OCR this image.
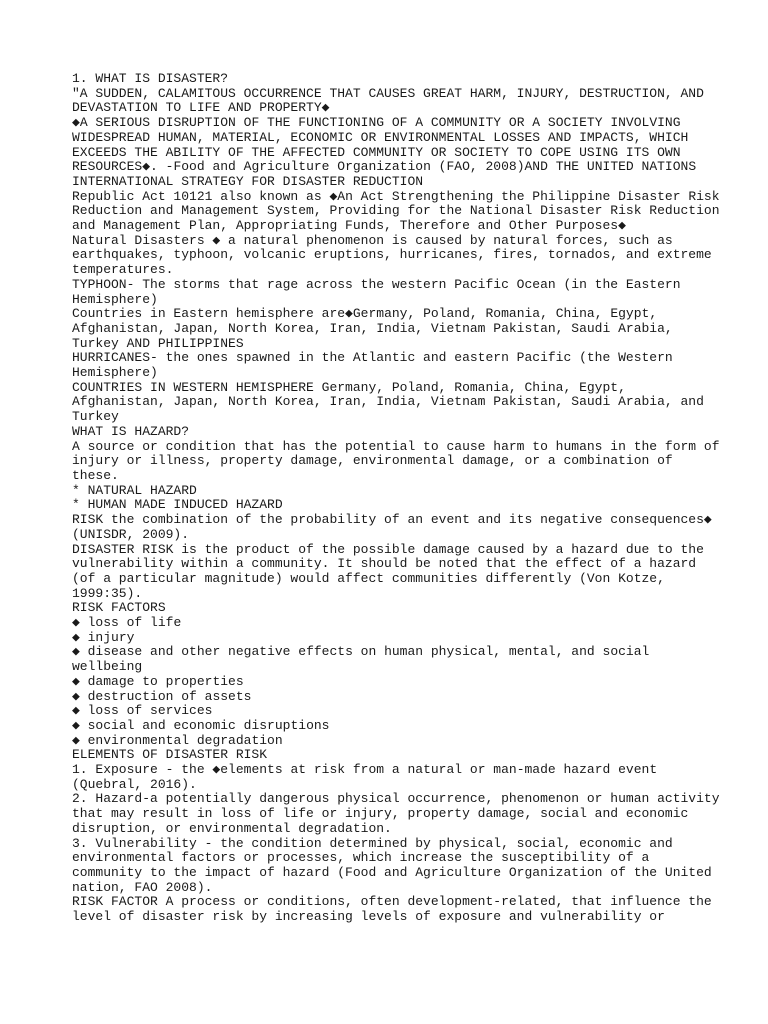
1. WHAT IS DISASTER?
"A SUDDEN, CALAMITOUS OCCURRENCE THAT CAUSES GREAT HARM, INJURY, DESTRUCTION, AND
DEVASTATION TO LIFE AND PROPERTY◆
◆A SERIOUS DISRUPTION OF THE FUNCTIONING OF A COMMUNITY OR A SOCIETY INVOLVING
WIDESPREAD HUMAN, MATERIAL, ECONOMIC OR ENVIRONMENTAL LOSSES AND IMPACTS, WHICH
EXCEEDS THE ABILITY OF THE AFFECTED COMMUNITY OR SOCIETY TO COPE USING ITS OWN
RESOURCES◆. -Food and Agriculture Organization (FAO, 2008)AND THE UNITED NATIONS
INTERNATIONAL STRATEGY FOR DISASTER REDUCTION
Republic Act 10121 also known as ◆An Act Strengthening the Philippine Disaster Risk
Reduction and Management System, Providing for the National Disaster Risk Reduction
and Management Plan, Appropriating Funds, Therefore and Other Purposes◆
Natural Disasters ◆ a natural phenomenon is caused by natural forces, such as
earthquakes, typhoon, volcanic eruptions, hurricanes, fires, tornados, and extreme
temperatures.
TYPHOON- The storms that rage across the western Pacific Ocean (in the Eastern
Hemisphere)
Countries in Eastern hemisphere are◆Germany, Poland, Romania, China, Egypt,
Afghanistan, Japan, North Korea, Iran, India, Vietnam Pakistan, Saudi Arabia,
Turkey AND PHILIPPINES
HURRICANES- the ones spawned in the Atlantic and eastern Pacific (the Western
Hemisphere)
COUNTRIES IN WESTERN HEMISPHERE Germany, Poland, Romania, China, Egypt,
Afghanistan, Japan, North Korea, Iran, India, Vietnam Pakistan, Saudi Arabia, and
Turkey
WHAT IS HAZARD?
A source or condition that has the potential to cause harm to humans in the form of
injury or illness, property damage, environmental damage, or a combination of
these.
* NATURAL HAZARD
* HUMAN MADE INDUCED HAZARD
RISK the combination of the probability of an event and its negative consequences◆
(UNISDR, 2009).
DISASTER RISK is the product of the possible damage caused by a hazard due to the
vulnerability within a community. It should be noted that the effect of a hazard
(of a particular magnitude) would affect communities differently (Von Kotze,
1999:35).
RISK FACTORS
◆ loss of life
◆ injury
◆ disease and other negative effects on human physical, mental, and social
wellbeing
◆ damage to properties
◆ destruction of assets
◆ loss of services
◆ social and economic disruptions
◆ environmental degradation
ELEMENTS OF DISASTER RISK
1. Exposure - the ◆elements at risk from a natural or man-made hazard event
(Quebral, 2016).
2. Hazard-a potentially dangerous physical occurrence, phenomenon or human activity
that may result in loss of life or injury, property damage, social and economic
disruption, or environmental degradation.
3. Vulnerability - the condition determined by physical, social, economic and
environmental factors or processes, which increase the susceptibility of a
community to the impact of hazard (Food and Agriculture Organization of the United
nation, FAO 2008).
RISK FACTOR A process or conditions, often development-related, that influence the
level of disaster risk by increasing levels of exposure and vulnerability or
